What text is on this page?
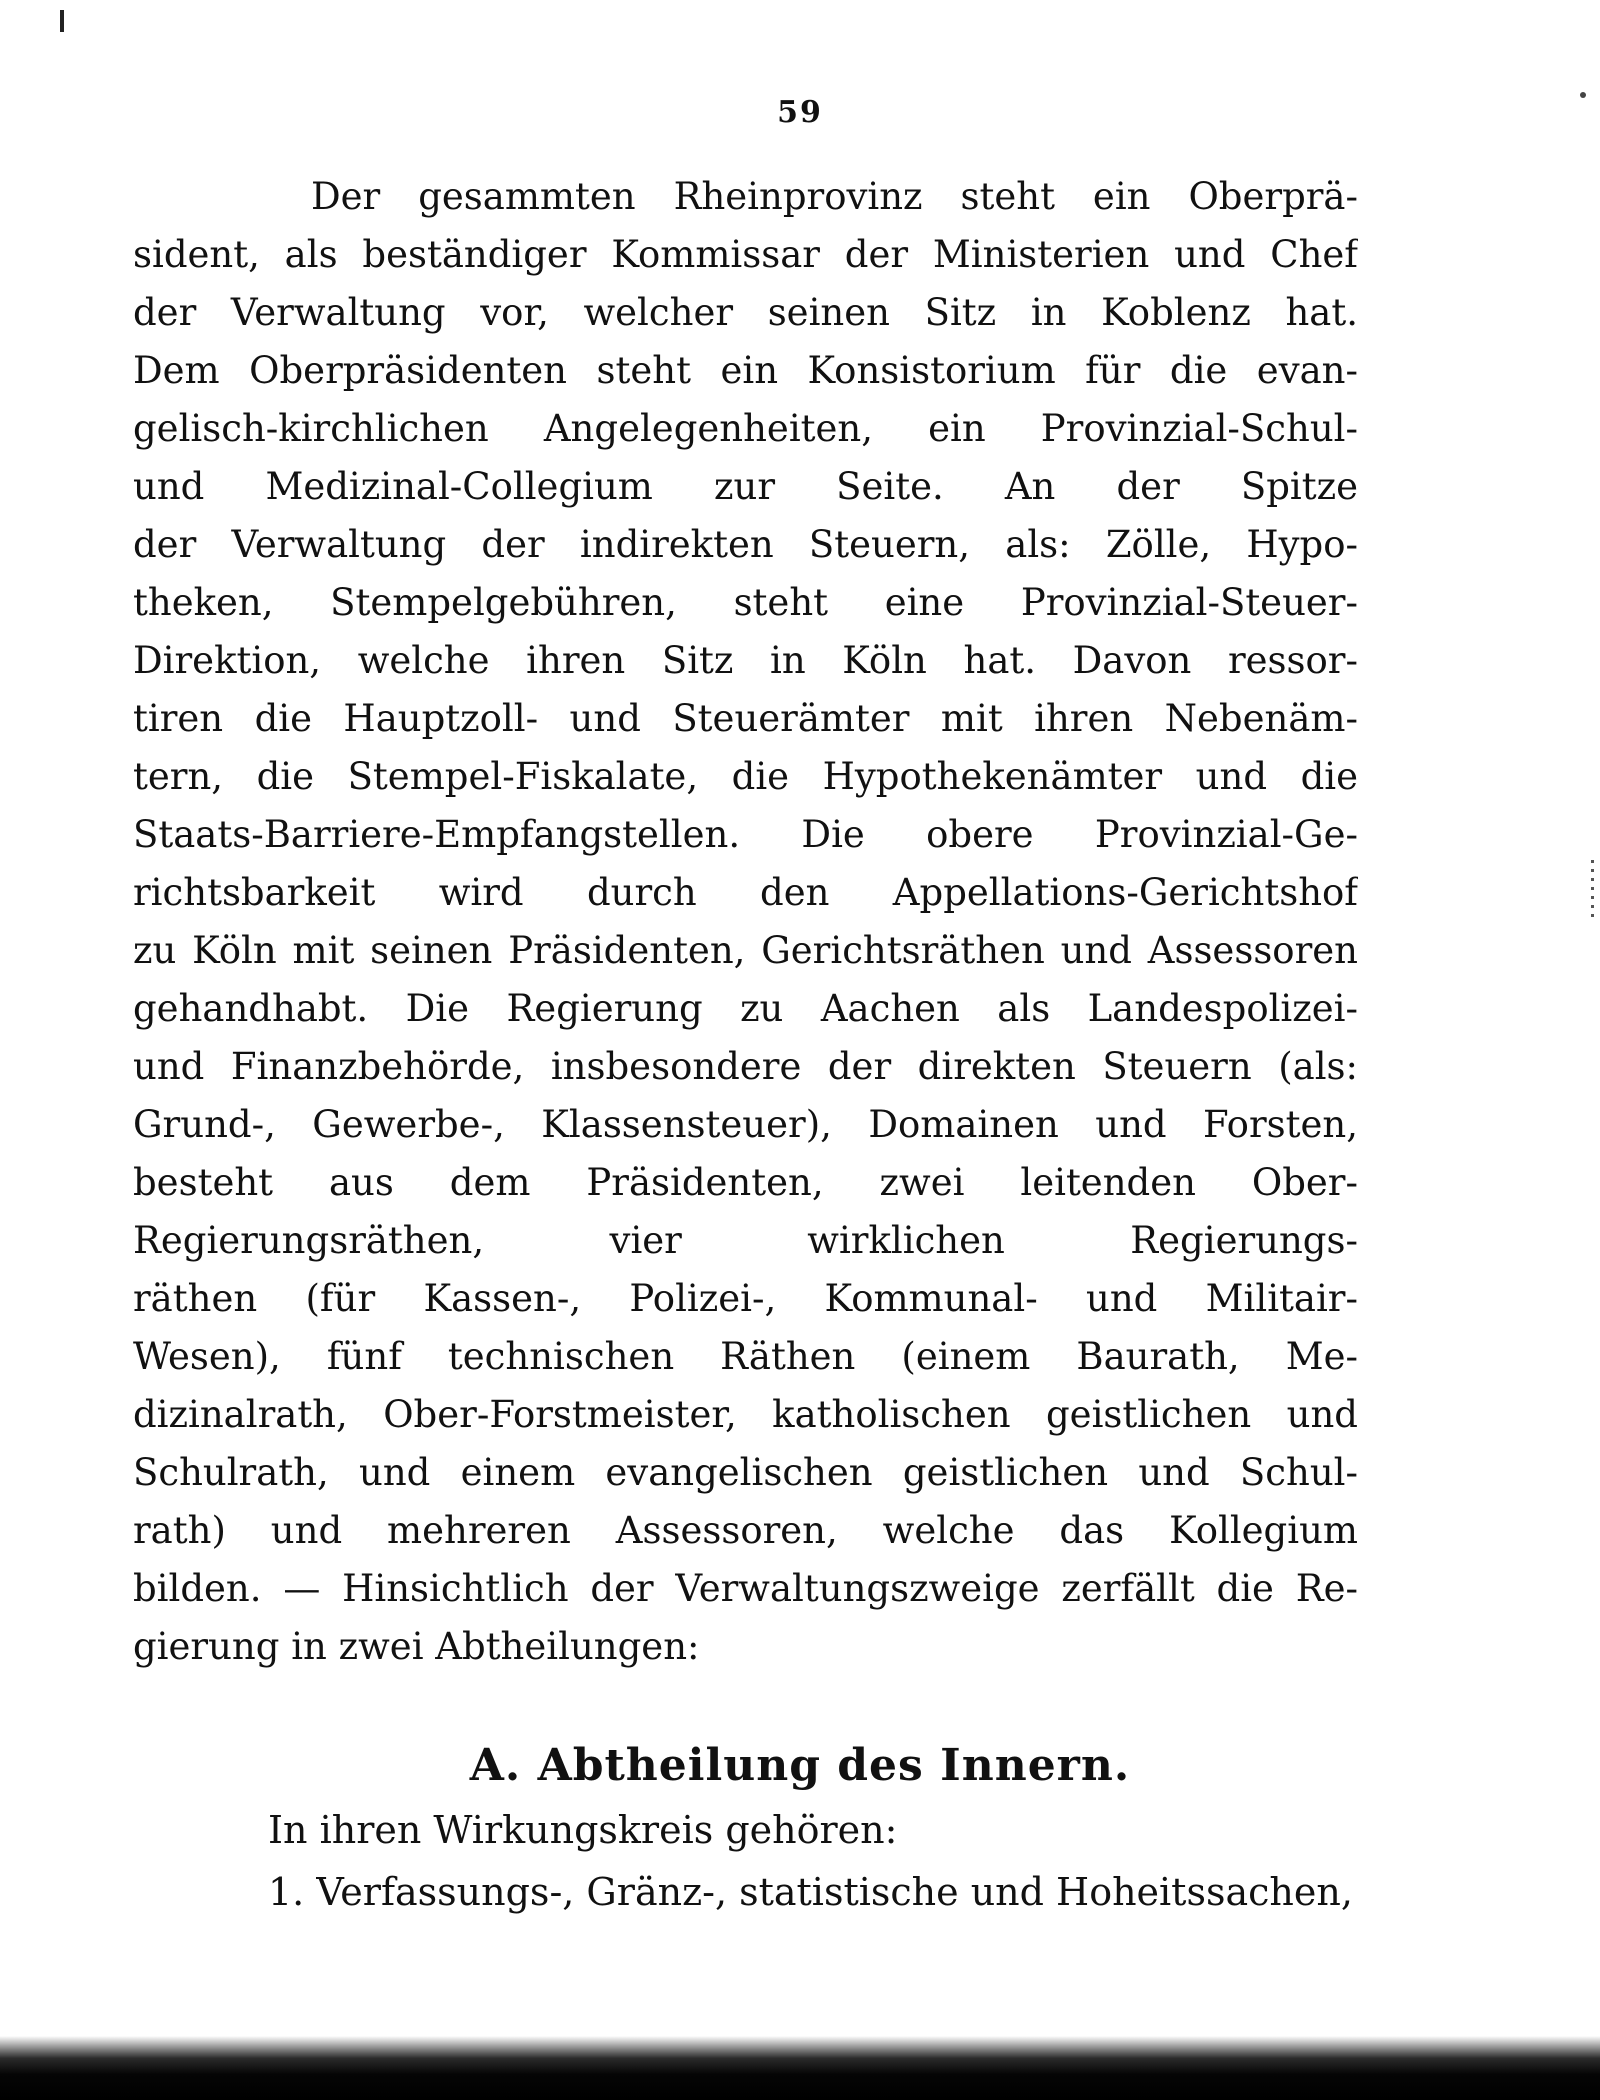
59
Der gesammten Rheinprovinz steht ein Oberprä-
sident, als beständiger Kommissar der Ministerien und Chef
der Verwaltung vor, welcher seinen Sitz in Koblenz hat.
Dem Oberpräsidenten steht ein Konsistorium für die evan-
gelisch-kirchlichen Angelegenheiten, ein Provinzial-Schul-
und Medizinal-Collegium zur Seite. An der Spitze
der Verwaltung der indirekten Steuern, als: Zölle, Hypo-
theken, Stempelgebühren, steht eine Provinzial-Steuer-
Direktion, welche ihren Sitz in Köln hat. Davon ressor-
tiren die Hauptzoll- und Steuerämter mit ihren Nebenäm-
tern, die Stempel-Fiskalate, die Hypothekenämter und die
Staats-Barriere-Empfangstellen. Die obere Provinzial-Ge-
richtsbarkeit wird durch den Appellations-Gerichtshof
zu Köln mit seinen Präsidenten, Gerichtsräthen und Assessoren
gehandhabt. Die Regierung zu Aachen als Landespolizei-
und Finanzbehörde, insbesondere der direkten Steuern (als:
Grund-, Gewerbe-, Klassensteuer), Domainen und Forsten,
besteht aus dem Präsidenten, zwei leitenden Ober-
Regierungsräthen, vier wirklichen Regierungs-
räthen (für Kassen-, Polizei-, Kommunal- und Militair-
Wesen), fünf technischen Räthen (einem Baurath, Me-
dizinalrath, Ober-Forstmeister, katholischen geistlichen und
Schulrath, und einem evangelischen geistlichen und Schul-
rath) und mehreren Assessoren, welche das Kollegium
bilden. — Hinsichtlich der Verwaltungszweige zerfällt die Re-
gierung in zwei Abtheilungen:
A. Abtheilung des Innern.
In ihren Wirkungskreis gehören:
1. Verfassungs-, Gränz-, statistische und Hoheitssachen,
